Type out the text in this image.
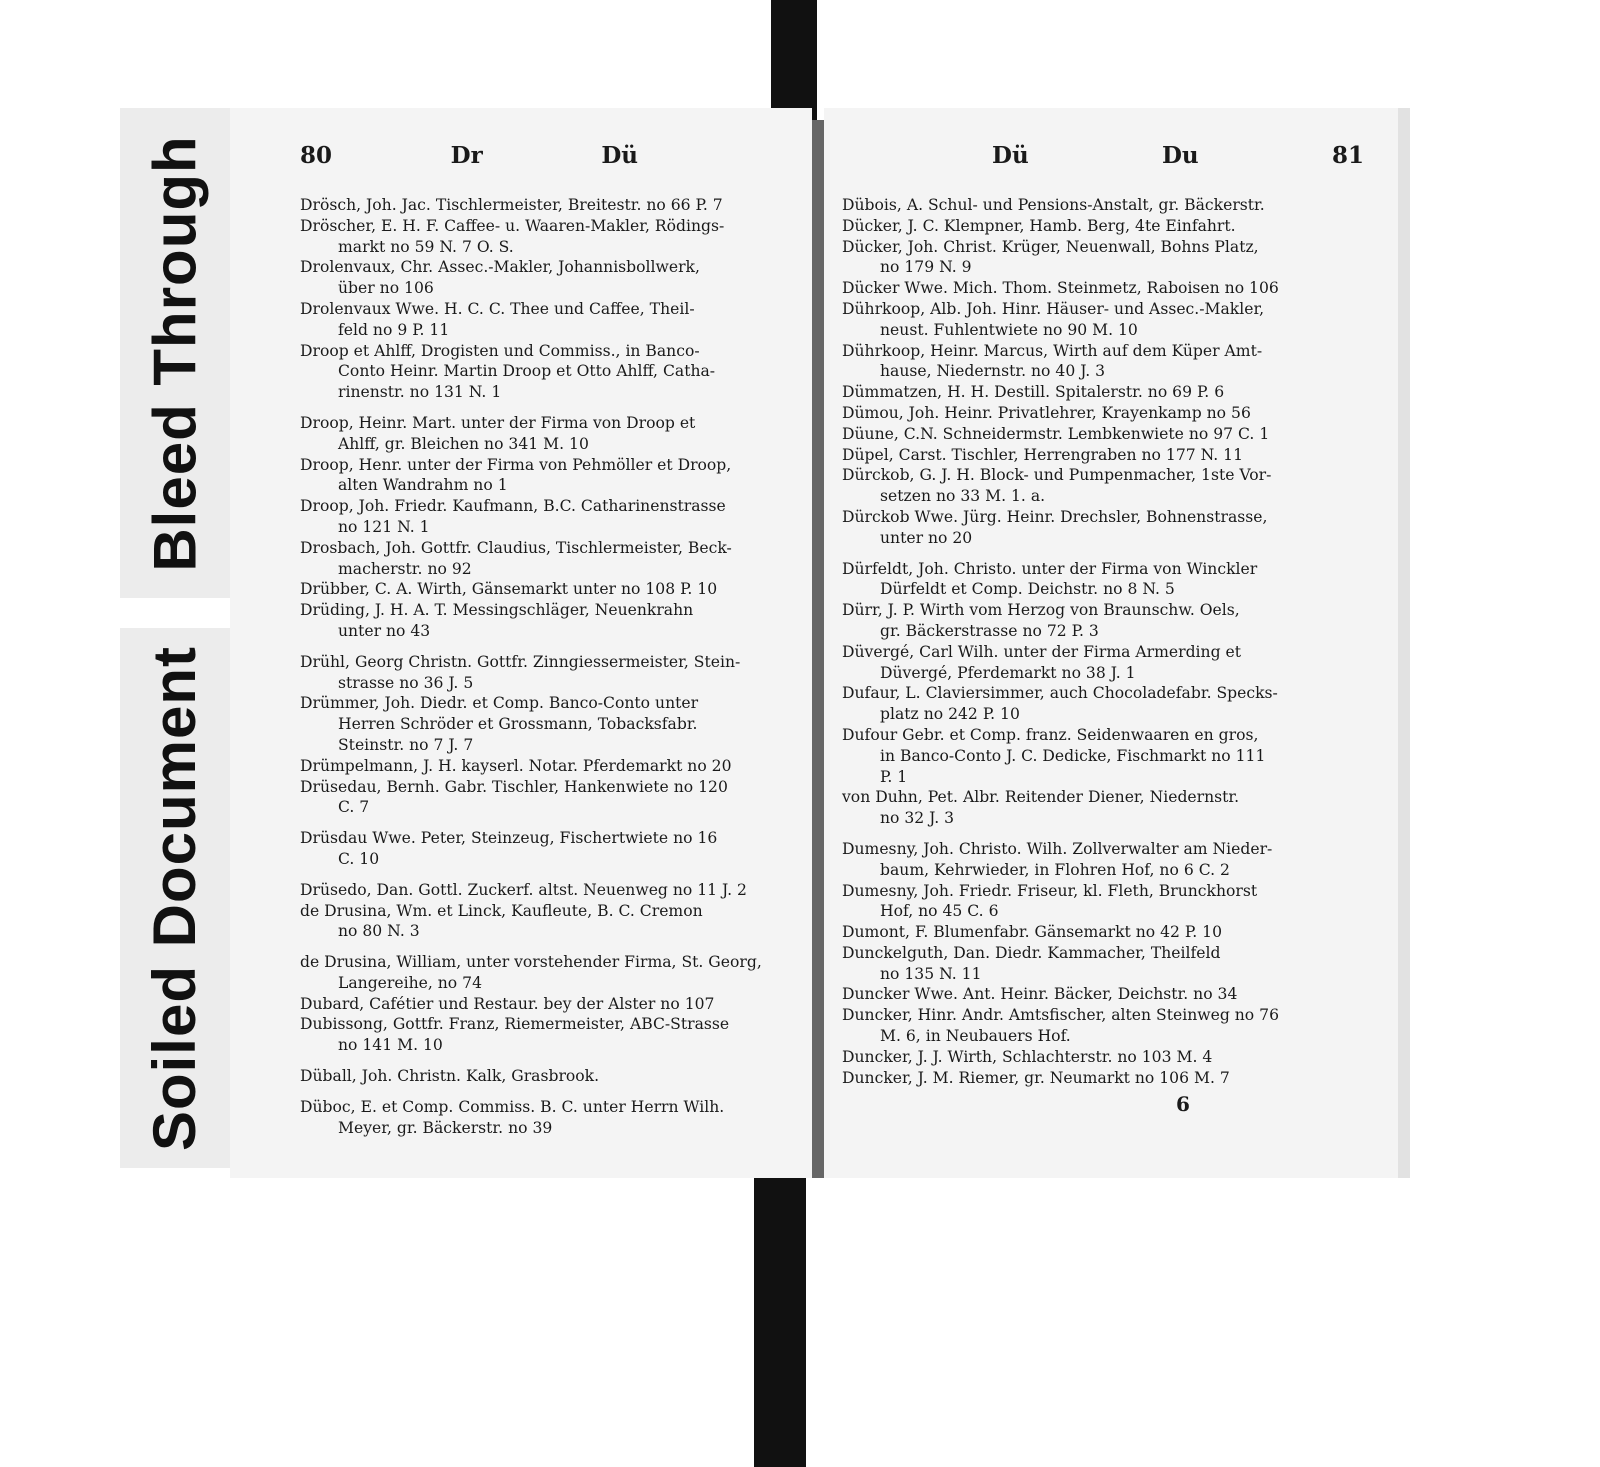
Bleed Through
Soiled Document
80	Dr	Dü
Drösch, Joh. Jac. Tischlermeister, Breitestr. no 66 P. 7
Dröscher, E. H. F. Caffee- u. Waaren-Makler, Rödings-
markt no 59 N. 7 O. S.
Drolenvaux, Chr. Assec.-Makler, Johannisbollwerk,
über no 106
Drolenvaux Wwe. H. C. C. Thee und Caffee, Theil-
feld no 9 P. 11
Droop et Ahlff, Drogisten und Commiss., in Banco-
Conto Heinr. Martin Droop et Otto Ahlff, Catha-
rinenstr. no 131 N. 1
Droop, Heinr. Mart. unter der Firma von Droop et
Ahlff, gr. Bleichen no 341 M. 10
Droop, Henr. unter der Firma von Pehmöller et Droop,
alten Wandrahm no 1
Droop, Joh. Friedr. Kaufmann, B.C. Catharinenstrasse
no 121 N. 1
Drosbach, Joh. Gottfr. Claudius, Tischlermeister, Beck-
macherstr. no 92
Drübber, C. A. Wirth, Gänsemarkt unter no 108 P. 10
Drüding, J. H. A. T. Messingschläger, Neuenkrahn
unter no 43
Drühl, Georg Christn. Gottfr. Zinngiessermeister, Stein-
strasse no 36 J. 5
Drümmer, Joh. Diedr. et Comp. Banco-Conto unter
Herren Schröder et Grossmann, Tobacksfabr.
Steinstr. no 7 J. 7
Drümpelmann, J. H. kayserl. Notar. Pferdemarkt no 20
Drüsedau, Bernh. Gabr. Tischler, Hankenwiete no 120
C. 7
Drüsdau Wwe. Peter, Steinzeug, Fischertwiete no 16
C. 10
Drüsedo, Dan. Gottl. Zuckerf. altst. Neuenweg no 11 J. 2
de Drusina, Wm. et Linck, Kaufleute, B. C. Cremon
no 80 N. 3
de Drusina, William, unter vorstehender Firma, St. Georg,
Langereihe, no 74
Dubard, Cafétier und Restaur. bey der Alster no 107
Dubissong, Gottfr. Franz, Riemermeister, ABC-Strasse
no 141 M. 10
Düball, Joh. Christn. Kalk, Grasbrook.
Düboc, E. et Comp. Commiss. B. C. unter Herrn Wilh.
Meyer, gr. Bäckerstr. no 39
Dü	Du	81
Dübois, A. Schul- und Pensions-Anstalt, gr. Bäckerstr.
Dücker, J. C. Klempner, Hamb. Berg, 4te Einfahrt.
Dücker, Joh. Christ. Krüger, Neuenwall, Bohns Platz,
no 179 N. 9
Dücker Wwe. Mich. Thom. Steinmetz, Raboisen no 106
Dührkoop, Alb. Joh. Hinr. Häuser- und Assec.-Makler,
neust. Fuhlentwiete no 90 M. 10
Dührkoop, Heinr. Marcus, Wirth auf dem Küper Amt-
hause, Niedernstr. no 40 J. 3
Dümmatzen, H. H. Destill. Spitalerstr. no 69 P. 6
Dümou, Joh. Heinr. Privatlehrer, Krayenkamp no 56
Düune, C.N. Schneidermstr. Lembkenwiete no 97 C. 1
Düpel, Carst. Tischler, Herrengraben no 177 N. 11
Dürckob, G. J. H. Block- und Pumpenmacher, 1ste Vor-
setzen no 33 M. 1. a.
Dürckob Wwe. Jürg. Heinr. Drechsler, Bohnenstrasse,
unter no 20
Dürfeldt, Joh. Christo. unter der Firma von Winckler
Dürfeldt et Comp. Deichstr. no 8 N. 5
Dürr, J. P. Wirth vom Herzog von Braunschw. Oels,
gr. Bäckerstrasse no 72 P. 3
Düvergé, Carl Wilh. unter der Firma Armerding et
Düvergé, Pferdemarkt no 38 J. 1
Dufaur, L. Claviersimmer, auch Chocoladefabr. Specks-
platz no 242 P. 10
Dufour Gebr. et Comp. franz. Seidenwaaren en gros,
in Banco-Conto J. C. Dedicke, Fischmarkt no 111
P. 1
von Duhn, Pet. Albr. Reitender Diener, Niedernstr.
no 32 J. 3
Dumesny, Joh. Christo. Wilh. Zollverwalter am Nieder-
baum, Kehrwieder, in Flohren Hof, no 6 C. 2
Dumesny, Joh. Friedr. Friseur, kl. Fleth, Brunckhorst
Hof, no 45 C. 6
Dumont, F. Blumenfabr. Gänsemarkt no 42 P. 10
Dunckelguth, Dan. Diedr. Kammacher, Theilfeld
no 135 N. 11
Duncker Wwe. Ant. Heinr. Bäcker, Deichstr. no 34
Duncker, Hinr. Andr. Amtsfischer, alten Steinweg no 76
M. 6, in Neubauers Hof.
Duncker, J. J. Wirth, Schlachterstr. no 103 M. 4
Duncker, J. M. Riemer, gr. Neumarkt no 106 M. 7
6
